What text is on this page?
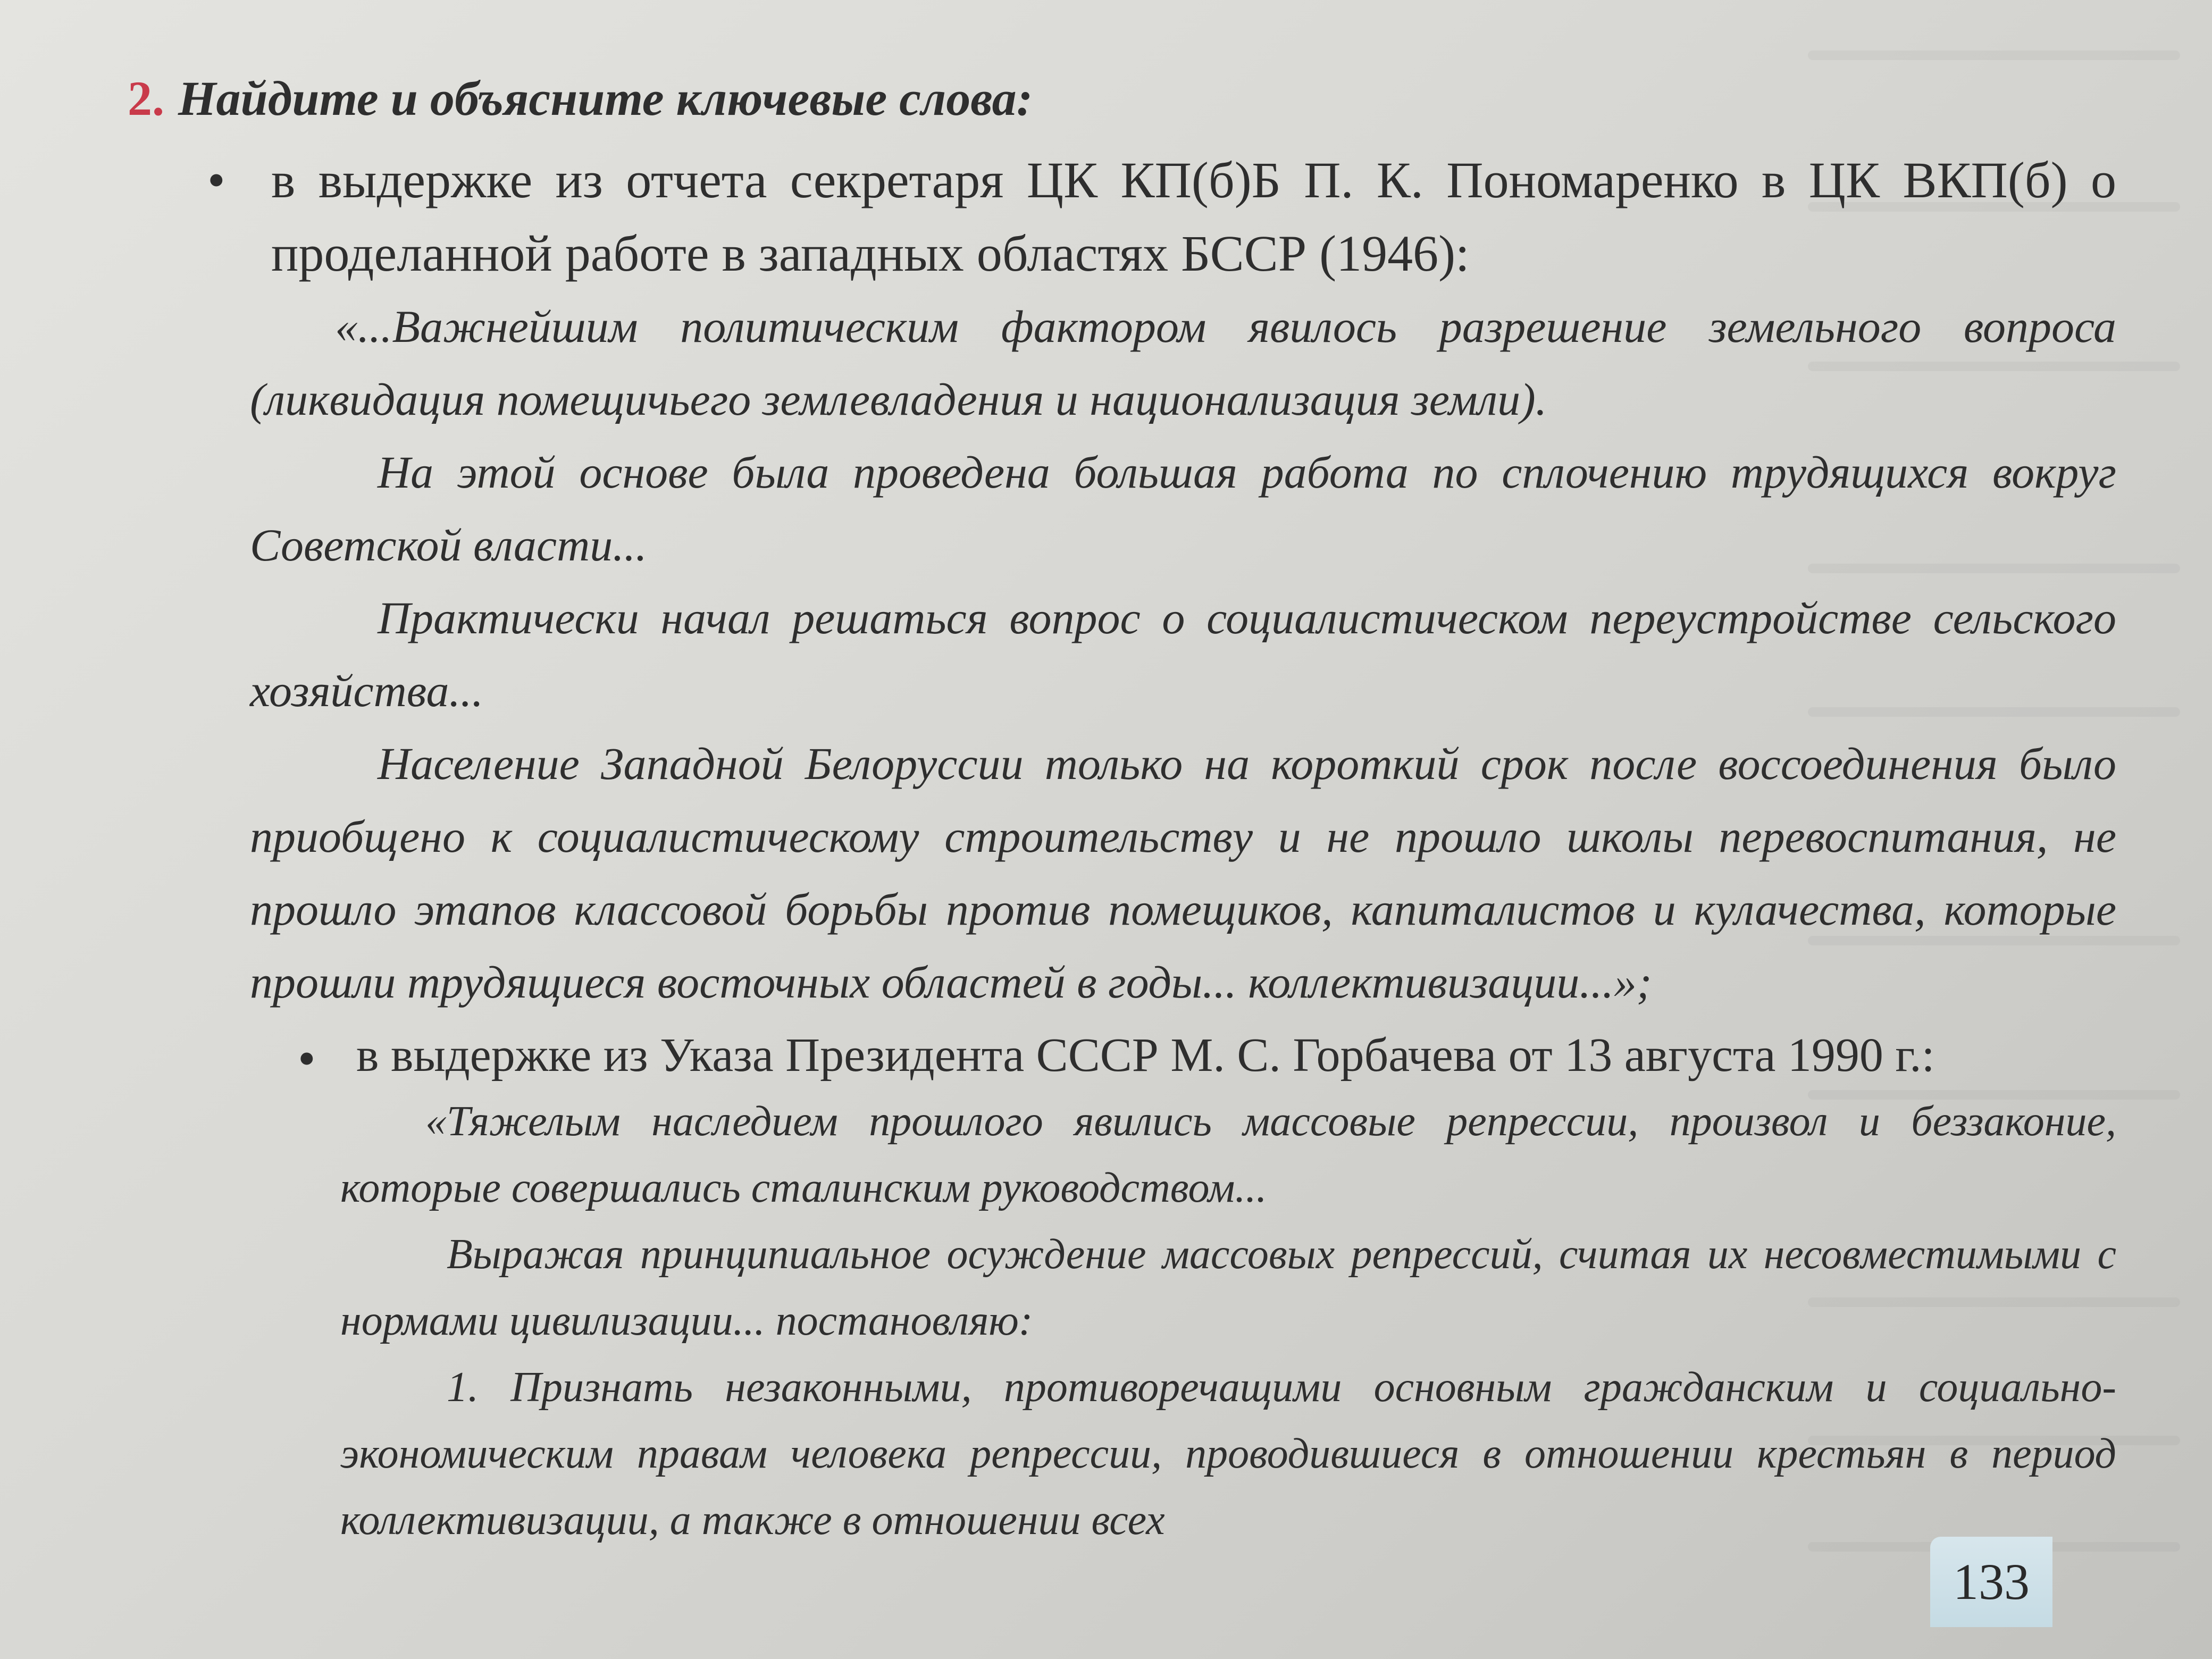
2. Найдите и объясните ключевые слова:
• в выдержке из отчета секретаря ЦК КП(б)Б П. К. Пономаренко в ЦК ВКП(б) о проделанной работе в западных областях БССР (1946):

«...Важнейшим политическим фактором явилось разрешение земельного вопроса (ликвидация помещичьего землевладения и национализация земли).

На этой основе была проведена большая работа по сплочению трудящихся вокруг Советской власти...

Практически начал решаться вопрос о социалистическом переустройстве сельского хозяйства...

Население Западной Белоруссии только на короткий срок после воссоединения было приобщено к социалистическому строительству и не прошло школы перевоспитания, не прошло этапов классовой борьбы против помещиков, капиталистов и кулачества, которые прошли трудящиеся восточных областей в годы... коллективизации...»;

• в выдержке из Указа Президента СССР М. С. Горбачева от 13 августа 1990 г.:

«Тяжелым наследием прошлого явились массовые репрессии, произвол и беззаконие, которые совершались сталинским руководством...

Выражая принципиальное осуждение массовых репрессий, считая их несовместимыми с нормами цивилизации... постановляю:

1. Признать незаконными, противоречащими основным гражданским и социально-экономическим правам человека репрессии, проводившиеся в отношении крестьян в период коллективизации, а также в отношении всех

133
